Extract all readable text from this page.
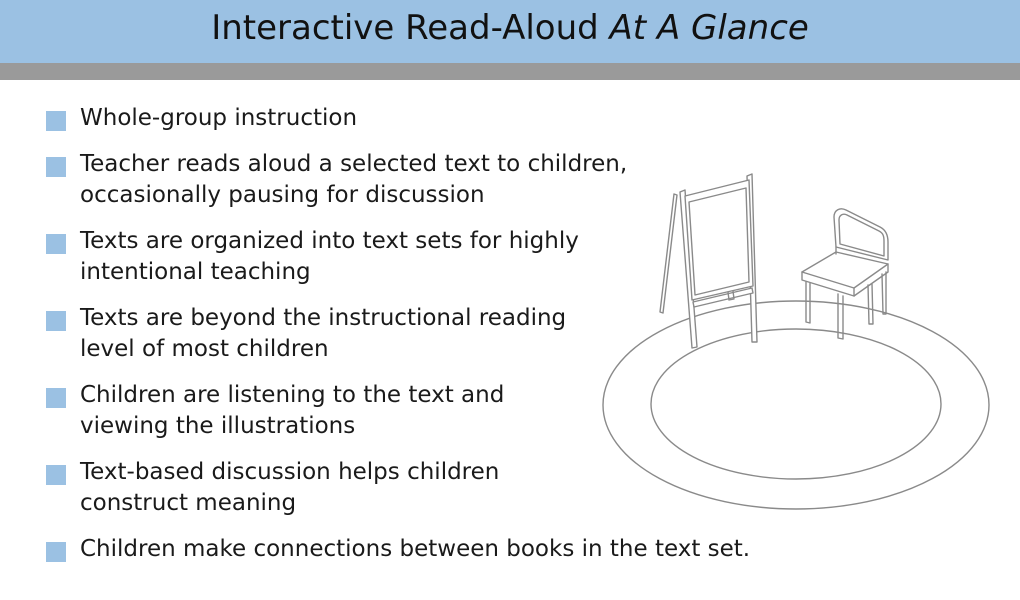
Interactive Read-Aloud At A Glance
Whole-group instruction
Teacher reads aloud a selected text to children,
occasionally pausing for discussion
Texts are organized into text sets for highly
intentional teaching
Texts are beyond the instructional reading
level of most children
Children are listening to the text and
viewing the illustrations
Text-based discussion helps children
construct meaning
Children make connections between books in the text set.
